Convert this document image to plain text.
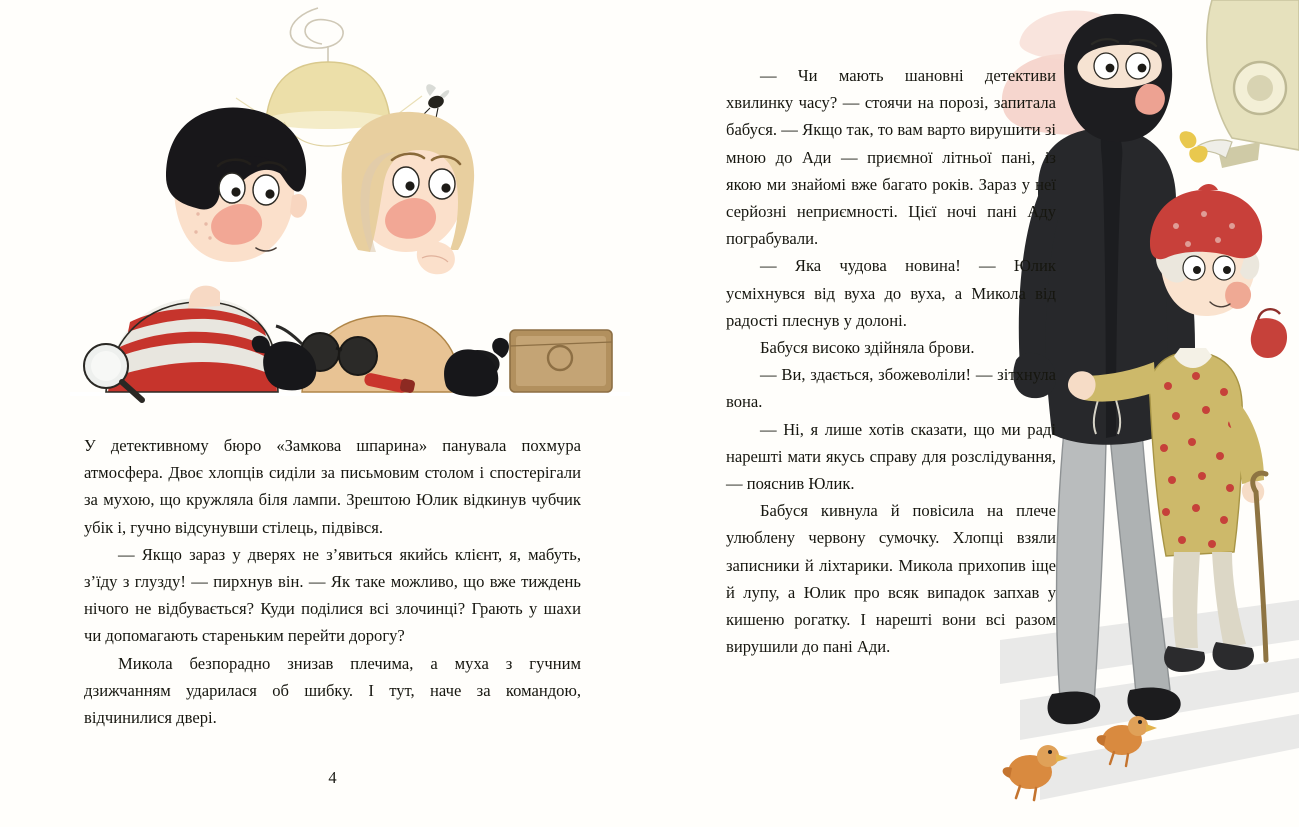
У детективному бюро «Замкова шпарина» панувала похмура атмосфера. Двоє хлопців сиділи за письмовим столом і спостерігали за мухою, що кружляла біля лампи. Зрештою Юлик відкинув чубчик убік і, гучно відсунувши стілець, підвівся.

— Якщо зараз у дверях не з’явиться якийсь клієнт, я, мабуть, з’їду з глузду! — пирхнув він. — Як таке можливо, що вже тиждень нічого не відбувається? Куди поділися всі злочинці? Грають у шахи чи допомагають стареньким перейти дорогу?

Микола безпорадно знизав плечима, а муха з гучним дзижчанням ударилася об шибку. І тут, наче за командою, відчинилися двері.

— Чи мають шановні детективи хвилинку часу? — стоячи на порозі, запитала бабуся. — Якщо так, то вам варто вирушити зі мною до Ади — приємної літньої пані, із якою ми знайомі вже багато років. Зараз у неї серйозні неприємності. Цієї ночі пані Аду пограбували.

— Яка чудова новина! — Юлик усміхнувся від вуха до вуха, а Микола від радості плеснув у долоні.

Бабуся високо здійняла брови.

— Ви, здається, збожеволіли! — зітхнула вона.

— Ні, я лише хотів сказати, що ми раді нарешті мати якусь справу для розслідування, — пояснив Юлик.

Бабуся кивнула й повісила на плече улюблену червону сумочку. Хлопці взяли записники й ліхтарики. Микола прихопив іще й лупу, а Юлик про всяк випадок запхав у кишеню рогатку. І нарешті вони всі разом вирушили до пані Ади.

4
